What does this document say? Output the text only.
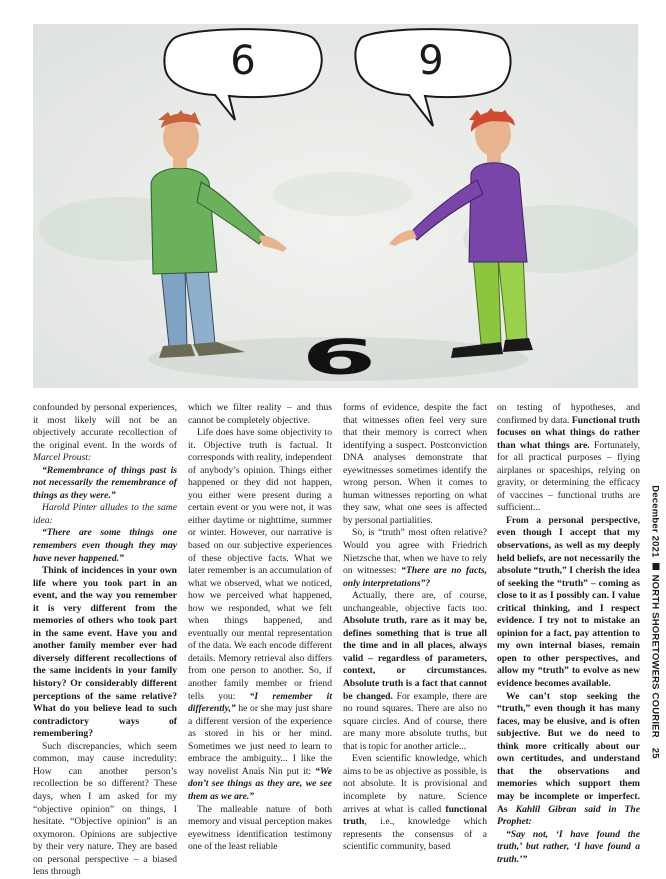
6	9
6

confounded by personal experiences, it most likely will not be an objectively accurate recollection of the original event. In the words of Marcel Proust:

“Remembrance of things past is not necessarily the remembrance of things as they were.”

Harold Pinter alludes to the same idea:

“There are some things one remembers even though they may have never happened.”

Think of incidences in your own life where you took part in an event, and the way you remember it is very different from the memories of others who took part in the same event. Have you and another family member ever had diversely different recollections of the same incidents in your family history? Or considerably different perceptions of the same relative? What do you believe lead to such contradictory ways of remembering?

Such discrepancies, which seem common, may cause incredulity: How can another person’s recollection be so different? These days, when I am asked for my “objective opinion” on things, I hesitate. “Objective opinion” is an oxymoron. Opinions are subjective by their very nature. They are based on personal perspective – a biased lens through

which we filter reality – and thus cannot be completely objective.

Life does have some objectivity to it. Objective truth is factual. It corresponds with reality, independent of anybody’s opinion. Things either happened or they did not happen, you either were present during a certain event or you were not, it was either daytime or nighttime, summer or winter. However, our narrative is based on our subjective experiences of these objective facts. What we later remember is an accumulation of what we observed, what we noticed, how we perceived what happened, how we responded, what we felt when things happened, and eventually our mental representation of the data. We each encode different details. Memory retrieval also differs from one person to another. So, if another family member or friend tells you: “I remember it differently,” he or she may just share a different version of the experience as stored in his or her mind. Sometimes we just need to learn to embrace the ambiguity... I like the way novelist Anaïs Nin put it: “We don’t see things as they are, we see them as we are.”

The malleable nature of both memory and visual perception makes eyewitness identification testimony one of the least reliable

forms of evidence, despite the fact that witnesses often feel very sure that their memory is correct when identifying a suspect. Postconviction DNA analyses demonstrate that eyewitnesses sometimes identify the wrong person. When it comes to human witnesses reporting on what they saw, what one sees is affected by personal partialities.

So, is “truth” most often relative? Would you agree with Friedrich Nietzsche that, when we have to rely on witnesses: “There are no facts, only interpretations”?

Actually, there are, of course, unchangeable, objective facts too. Absolute truth, rare as it may be, defines something that is true all the time and in all places, always valid – regardless of parameters, context, or circumstances. Absolute truth is a fact that cannot be changed. For example, there are no round squares. There are also no square circles. And of course, there are many more absolute truths, but that is topic for another article...

Even scientific knowledge, which aims to be as objective as possible, is not absolute. It is provisional and incomplete by nature. Science arrives at what is called functional truth, i.e., knowledge which represents the consensus of a scientific community, based

on testing of hypotheses, and confirmed by data. Functional truth focuses on what things do rather than what things are. Fortunately, for all practical purposes – flying airplanes or spaceships, relying on gravity, or determining the efficacy of vaccines – functional truths are sufficient...

From a personal perspective, even though I accept that my observations, as well as my deeply held beliefs, are not necessarily the absolute “truth,” I cherish the idea of seeking the “truth” – coming as close to it as I possibly can. I value critical thinking, and I respect evidence. I try not to mistake an opinion for a fact, pay attention to my own internal biases, remain open to other perspectives, and allow my “truth” to evolve as new evidence becomes available.

We can’t stop seeking the “truth,” even though it has many faces, may be elusive, and is often subjective. But we do need to think more critically about our own certitudes, and understand that the observations and memories which support them may be incomplete or imperfect. As Kahlil Gibran said in The Prophet:

“Say not, ‘I have found the truth,’ but rather, ‘I have found a truth.’”

December 2021NORTH SHORETOWERS COURIER25
